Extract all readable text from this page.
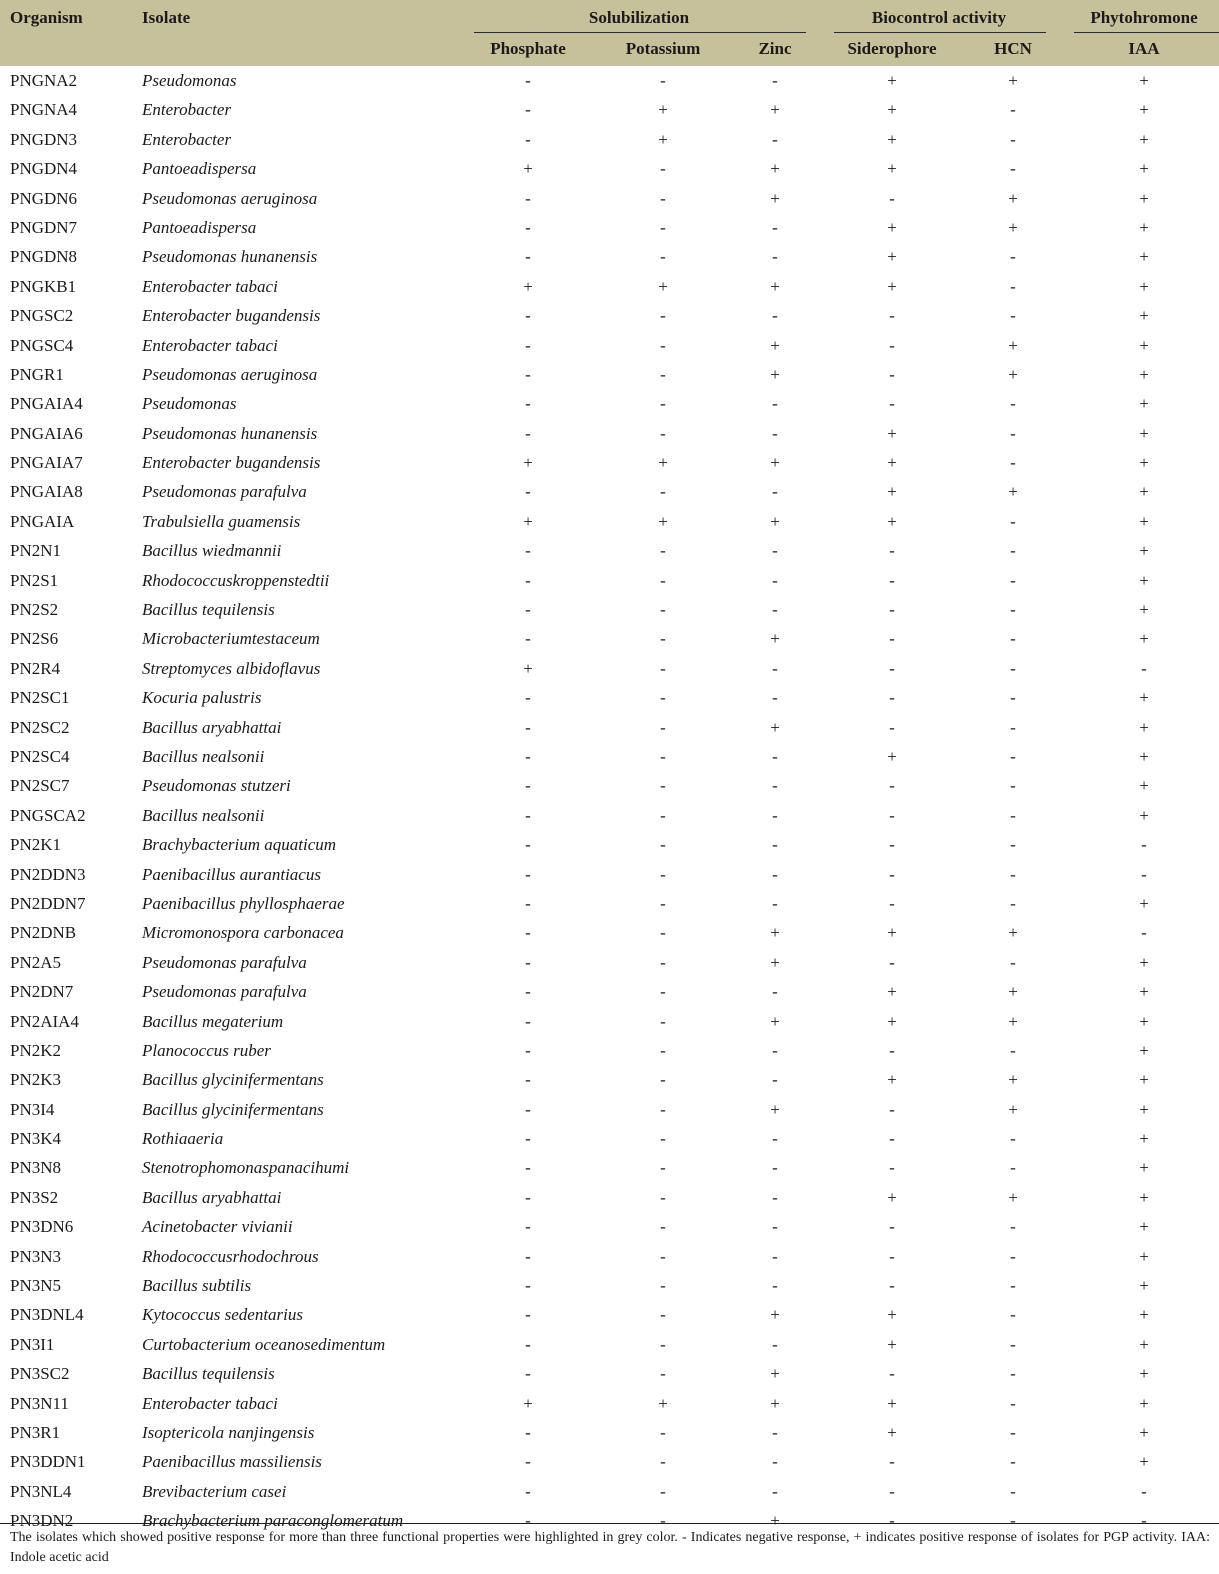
Organism	Isolate	Solubilization	Biocontrol activity	Phytohromone
Phosphate	Potassium	Zinc	Siderophore	HCN	IAA
PNGNA2	Pseudomonas	-	-	-	+	+	+
PNGNA4	Enterobacter	-	+	+	+	-	+
PNGDN3	Enterobacter	-	+	-	+	-	+
PNGDN4	Pantoeadispersa	+	-	+	+	-	+
PNGDN6	Pseudomonas aeruginosa	-	-	+	-	+	+
PNGDN7	Pantoeadispersa	-	-	-	+	+	+
PNGDN8	Pseudomonas hunanensis	-	-	-	+	-	+
PNGKB1	Enterobacter tabaci	+	+	+	+	-	+
PNGSC2	Enterobacter bugandensis	-	-	-	-	-	+
PNGSC4	Enterobacter tabaci	-	-	+	-	+	+
PNGR1	Pseudomonas aeruginosa	-	-	+	-	+	+
PNGAIA4	Pseudomonas	-	-	-	-	-	+
PNGAIA6	Pseudomonas hunanensis	-	-	-	+	-	+
PNGAIA7	Enterobacter bugandensis	+	+	+	+	-	+
PNGAIA8	Pseudomonas parafulva	-	-	-	+	+	+
PNGAIA	Trabulsiella guamensis	+	+	+	+	-	+
PN2N1	Bacillus wiedmannii	-	-	-	-	-	+
PN2S1	Rhodococcuskroppenstedtii	-	-	-	-	-	+
PN2S2	Bacillus tequilensis	-	-	-	-	-	+
PN2S6	Microbacteriumtestaceum	-	-	+	-	-	+
PN2R4	Streptomyces albidoflavus	+	-	-	-	-	-
PN2SC1	Kocuria palustris	-	-	-	-	-	+
PN2SC2	Bacillus aryabhattai	-	-	+	-	-	+
PN2SC4	Bacillus nealsonii	-	-	-	+	-	+
PN2SC7	Pseudomonas stutzeri	-	-	-	-	-	+
PNGSCA2	Bacillus nealsonii	-	-	-	-	-	+
PN2K1	Brachybacterium aquaticum	-	-	-	-	-	-
PN2DDN3	Paenibacillus aurantiacus	-	-	-	-	-	-
PN2DDN7	Paenibacillus phyllosphaerae	-	-	-	-	-	+
PN2DNB	Micromonospora carbonacea	-	-	+	+	+	-
PN2A5	Pseudomonas parafulva	-	-	+	-	-	+
PN2DN7	Pseudomonas parafulva	-	-	-	+	+	+
PN2AIA4	Bacillus megaterium	-	-	+	+	+	+
PN2K2	Planococcus ruber	-	-	-	-	-	+
PN2K3	Bacillus glycinifermentans	-	-	-	+	+	+
PN3I4	Bacillus glycinifermentans	-	-	+	-	+	+
PN3K4	Rothiaaeria	-	-	-	-	-	+
PN3N8	Stenotrophomonaspanacihumi	-	-	-	-	-	+
PN3S2	Bacillus aryabhattai	-	-	-	+	+	+
PN3DN6	Acinetobacter vivianii	-	-	-	-	-	+
PN3N3	Rhodococcusrhodochrous	-	-	-	-	-	+
PN3N5	Bacillus subtilis	-	-	-	-	-	+
PN3DNL4	Kytococcus sedentarius	-	-	+	+	-	+
PN3I1	Curtobacterium oceanosedimentum	-	-	-	+	-	+
PN3SC2	Bacillus tequilensis	-	-	+	-	-	+
PN3N11	Enterobacter tabaci	+	+	+	+	-	+
PN3R1	Isoptericola nanjingensis	-	-	-	+	-	+
PN3DDN1	Paenibacillus massiliensis	-	-	-	-	-	+
PN3NL4	Brevibacterium casei	-	-	-	-	-	-
PN3DN2	Brachybacterium paraconglomeratum	-	-	+	-	-	-
The isolates which showed positive response for more than three functional properties were highlighted in grey color. - Indicates negative response, + indicates positive response of isolates for PGP activity. IAA: Indole acetic acid
